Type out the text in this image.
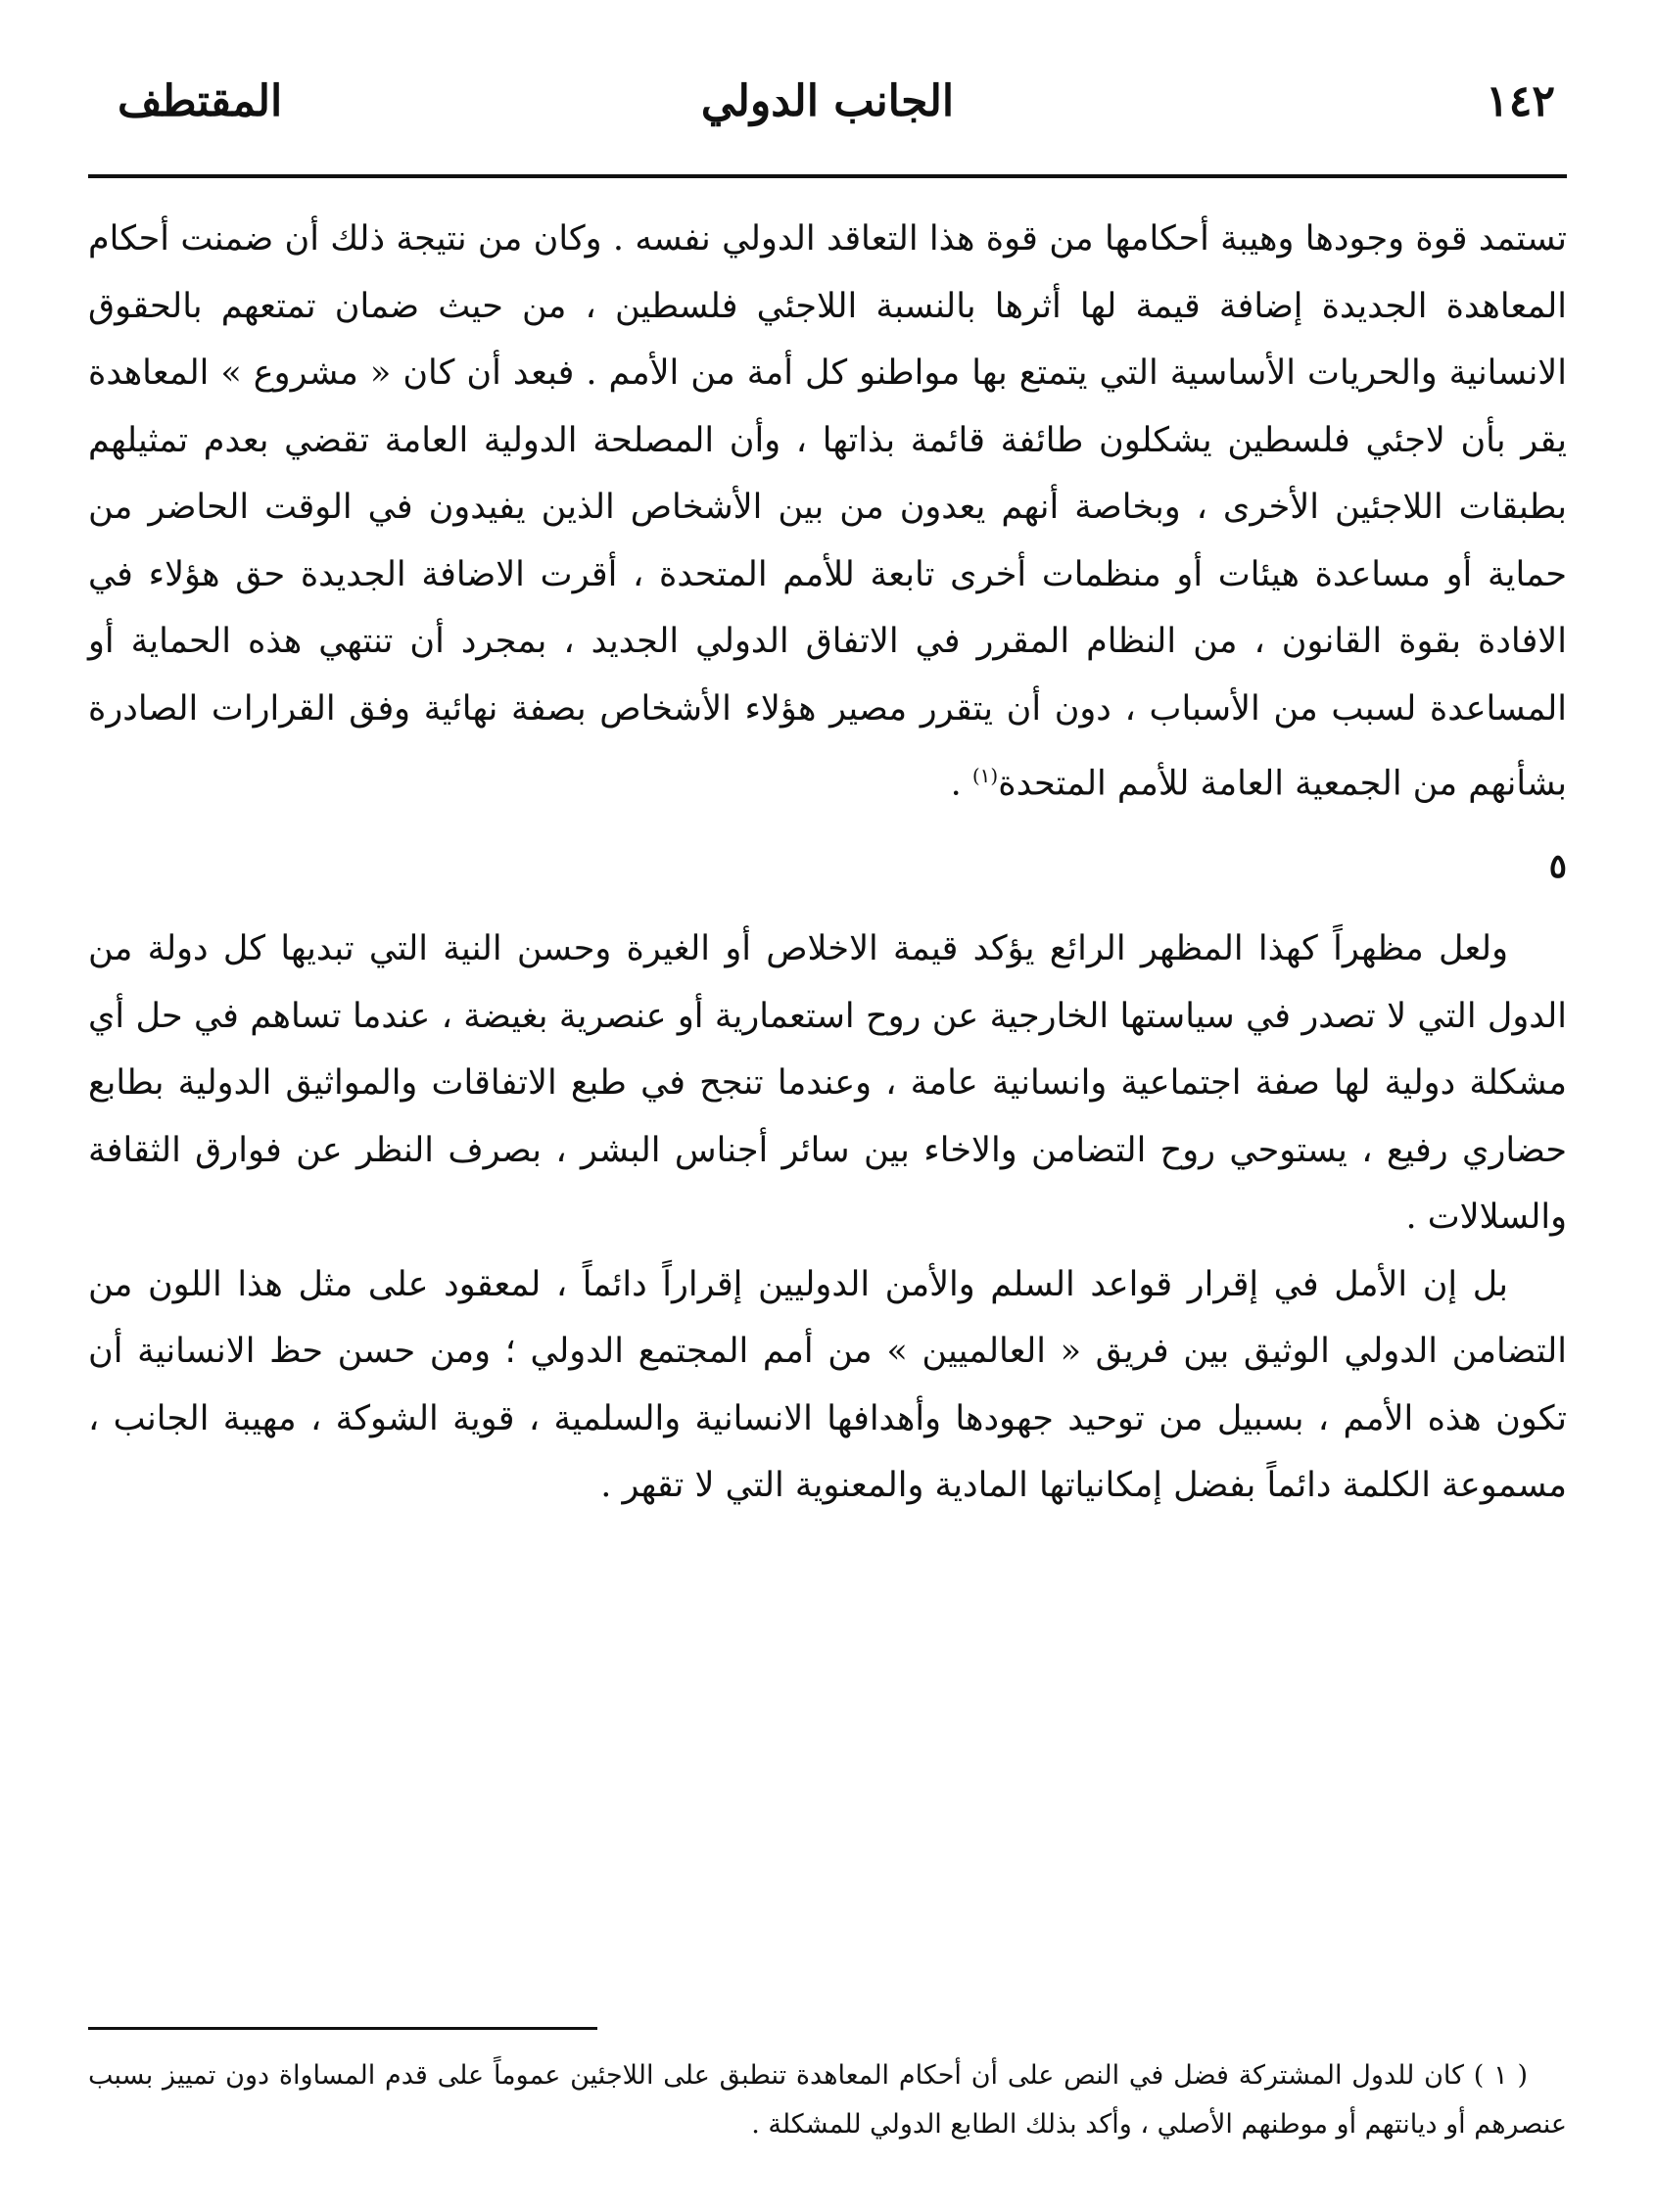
١٤٢
الجانب الدولي
المقتطف

تستمد قوة وجودها وهيبة أحكامها من قوة هذا التعاقد الدولي نفسه . وكان من نتيجة ذلك أن ضمنت أحكام المعاهدة الجديدة إضافة قيمة لها أثرها بالنسبة اللاجئي فلسطين ، من حيث ضمان تمتعهم بالحقوق الانسانية والحريات الأساسية التي يتمتع بها مواطنو كل أمة من الأمم . فبعد أن كان « مشروع » المعاهدة يقر بأن لاجئي فلسطين يشكلون طائفة قائمة بذاتها ، وأن المصلحة الدولية العامة تقضي بعدم تمثيلهم بطبقات اللاجئين الأخرى ، وبخاصة أنهم يعدون من بين الأشخاص الذين يفيدون في الوقت الحاضر من حماية أو مساعدة هيئات أو منظمات أخرى تابعة للأمم المتحدة ، أقرت الاضافة الجديدة حق هؤلاء في الافادة بقوة القانون ، من النظام المقرر في الاتفاق الدولي الجديد ، بمجرد أن تنتهي هذه الحماية أو المساعدة لسبب من الأسباب ، دون أن يتقرر مصير هؤلاء الأشخاص بصفة نهائية وفق القرارات الصادرة بشأنهم من الجمعية العامة للأمم المتحدة$^{(١)}$ .

٥

ولعل مظهراً كهذا المظهر الرائع يؤكد قيمة الاخلاص أو الغيرة وحسن النية التي تبديها كل دولة من الدول التي لا تصدر في سياستها الخارجية عن روح استعمارية أو عنصرية بغيضة ، عندما تساهم في حل أي مشكلة دولية لها صفة اجتماعية وانسانية عامة ، وعندما تنجح في طبع الاتفاقات والمواثيق الدولية بطابع حضاري رفيع ، يستوحي روح التضامن والاخاء بين سائر أجناس البشر ، بصرف النظر عن فوارق الثقافة والسلالات .

بل إن الأمل في إقرار قواعد السلم والأمن الدوليين إقراراً دائماً ، لمعقود على مثل هذا اللون من التضامن الدولي الوثيق بين فريق « العالميين » من أمم المجتمع الدولي ؛ ومن حسن حظ الانسانية أن تكون هذه الأمم ، بسبيل من توحيد جهودها وأهدافها الانسانية والسلمية ، قوية الشوكة ، مهيبة الجانب ، مسموعة الكلمة دائماً بفضل إمكانياتها المادية والمعنوية التي لا تقهر .

( ١ ) كان للدول المشتركة فضل في النص على أن أحكام المعاهدة تنطبق على اللاجئين عموماً على قدم المساواة دون تمييز بسبب عنصرهم أو ديانتهم أو موطنهم الأصلي ، وأكد بذلك الطابع الدولي للمشكلة .
